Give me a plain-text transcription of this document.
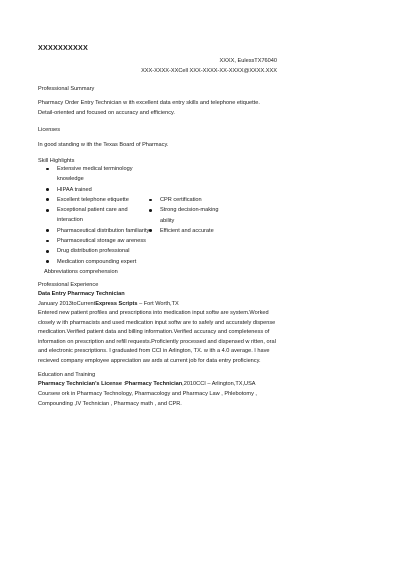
XXXXXXXXXX
XXXX, EulessTX76040
XXX-XXXX-XXCell XXX-XXXX-XX-XXXX@XXXX.XXX
Professional Summary
Pharmacy Order Entry Technician w ith excellent data entry skills and telephone etiquette.
Detail-oriented and focused on accuracy and efficiency.
Licenses
In good standing w ith the Texas Board of Pharmacy.
Skill Highlights
Extensive medical terminology
knowledge
HIPAA trained
Excellent telephone etiquette
Exceptional patient care and
interaction
Pharmaceutical distribution familiarity
Pharmaceutical storage aw areness
Drug distribution professional
Medication compounding expert
Abbreviations comprehension
CPR certification
Strong decision-making
ability
Efficient and accurate
Professional Experience
Data Entry Pharmacy Technician
January 2013toCurrentExpress Scripts – Fort Worth,TX
Entered new patient profiles and prescriptions into medication input softw are system.Worked
closely w ith pharmacists and used medication input softw are to safely and accurately dispense
medication.Verified patient data and billing information.Verified accuracy and completeness of
information on prescription and refill requests.Proficiently processed and dispensed w ritten, oral
and electronic prescriptions. I graduated from CCI in Arlington, TX. w ith a 4.0 average. I have
recieved company employee appreciation aw ards at current job for data entry proficiency.
Education and Training
Pharmacy Technician's License :Pharmacy Technician,2010CCI – Arlington,TX,USA
Coursew ork in Pharmacy Technology, Pharmacology and Pharmacy Law , Phlebotomy ,
Compounding ,IV Technician , Pharmacy math , and CPR.
